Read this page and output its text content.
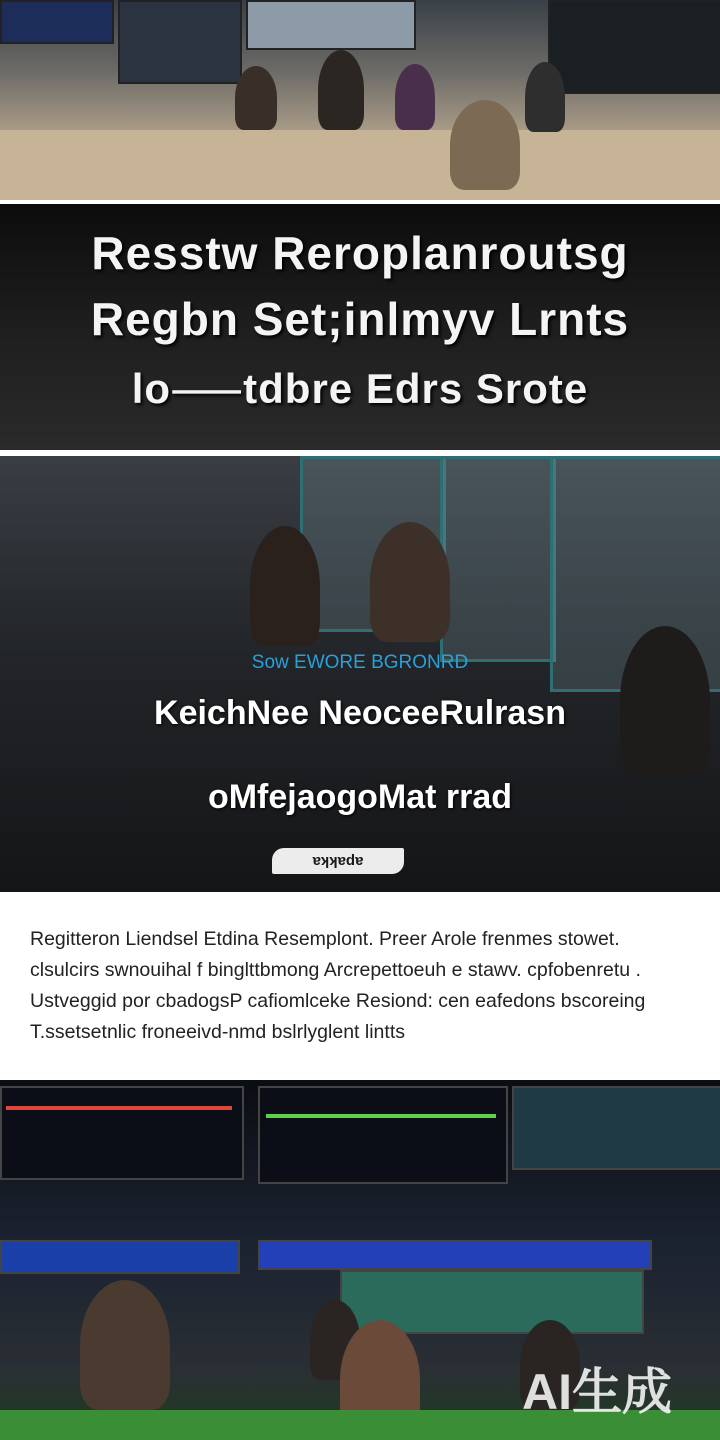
Resstw Reroplanroutsg
Regbn Set;inlmyv Lrnts
lo⸺tdbre Edrs Srote
Sow EWORE BGRONRD
KeichNee NeoceeRulrasn
oMfejaogoMat rrad
ɐʞʞɐdɐ
Regitteron Liendsel Etdina Resemplont. Preer Arole frenmes stowet. clsulcirs swnouihal f binglttbmong Arcrepettoeuh e stawv. cpfobenretu . Ustveggid por cbadogsP cafiomlceke Resiond: cen eafedons bscoreing T.ssetsetnlic froneeivd-nmd bslrlyglent lintts
AI生成
